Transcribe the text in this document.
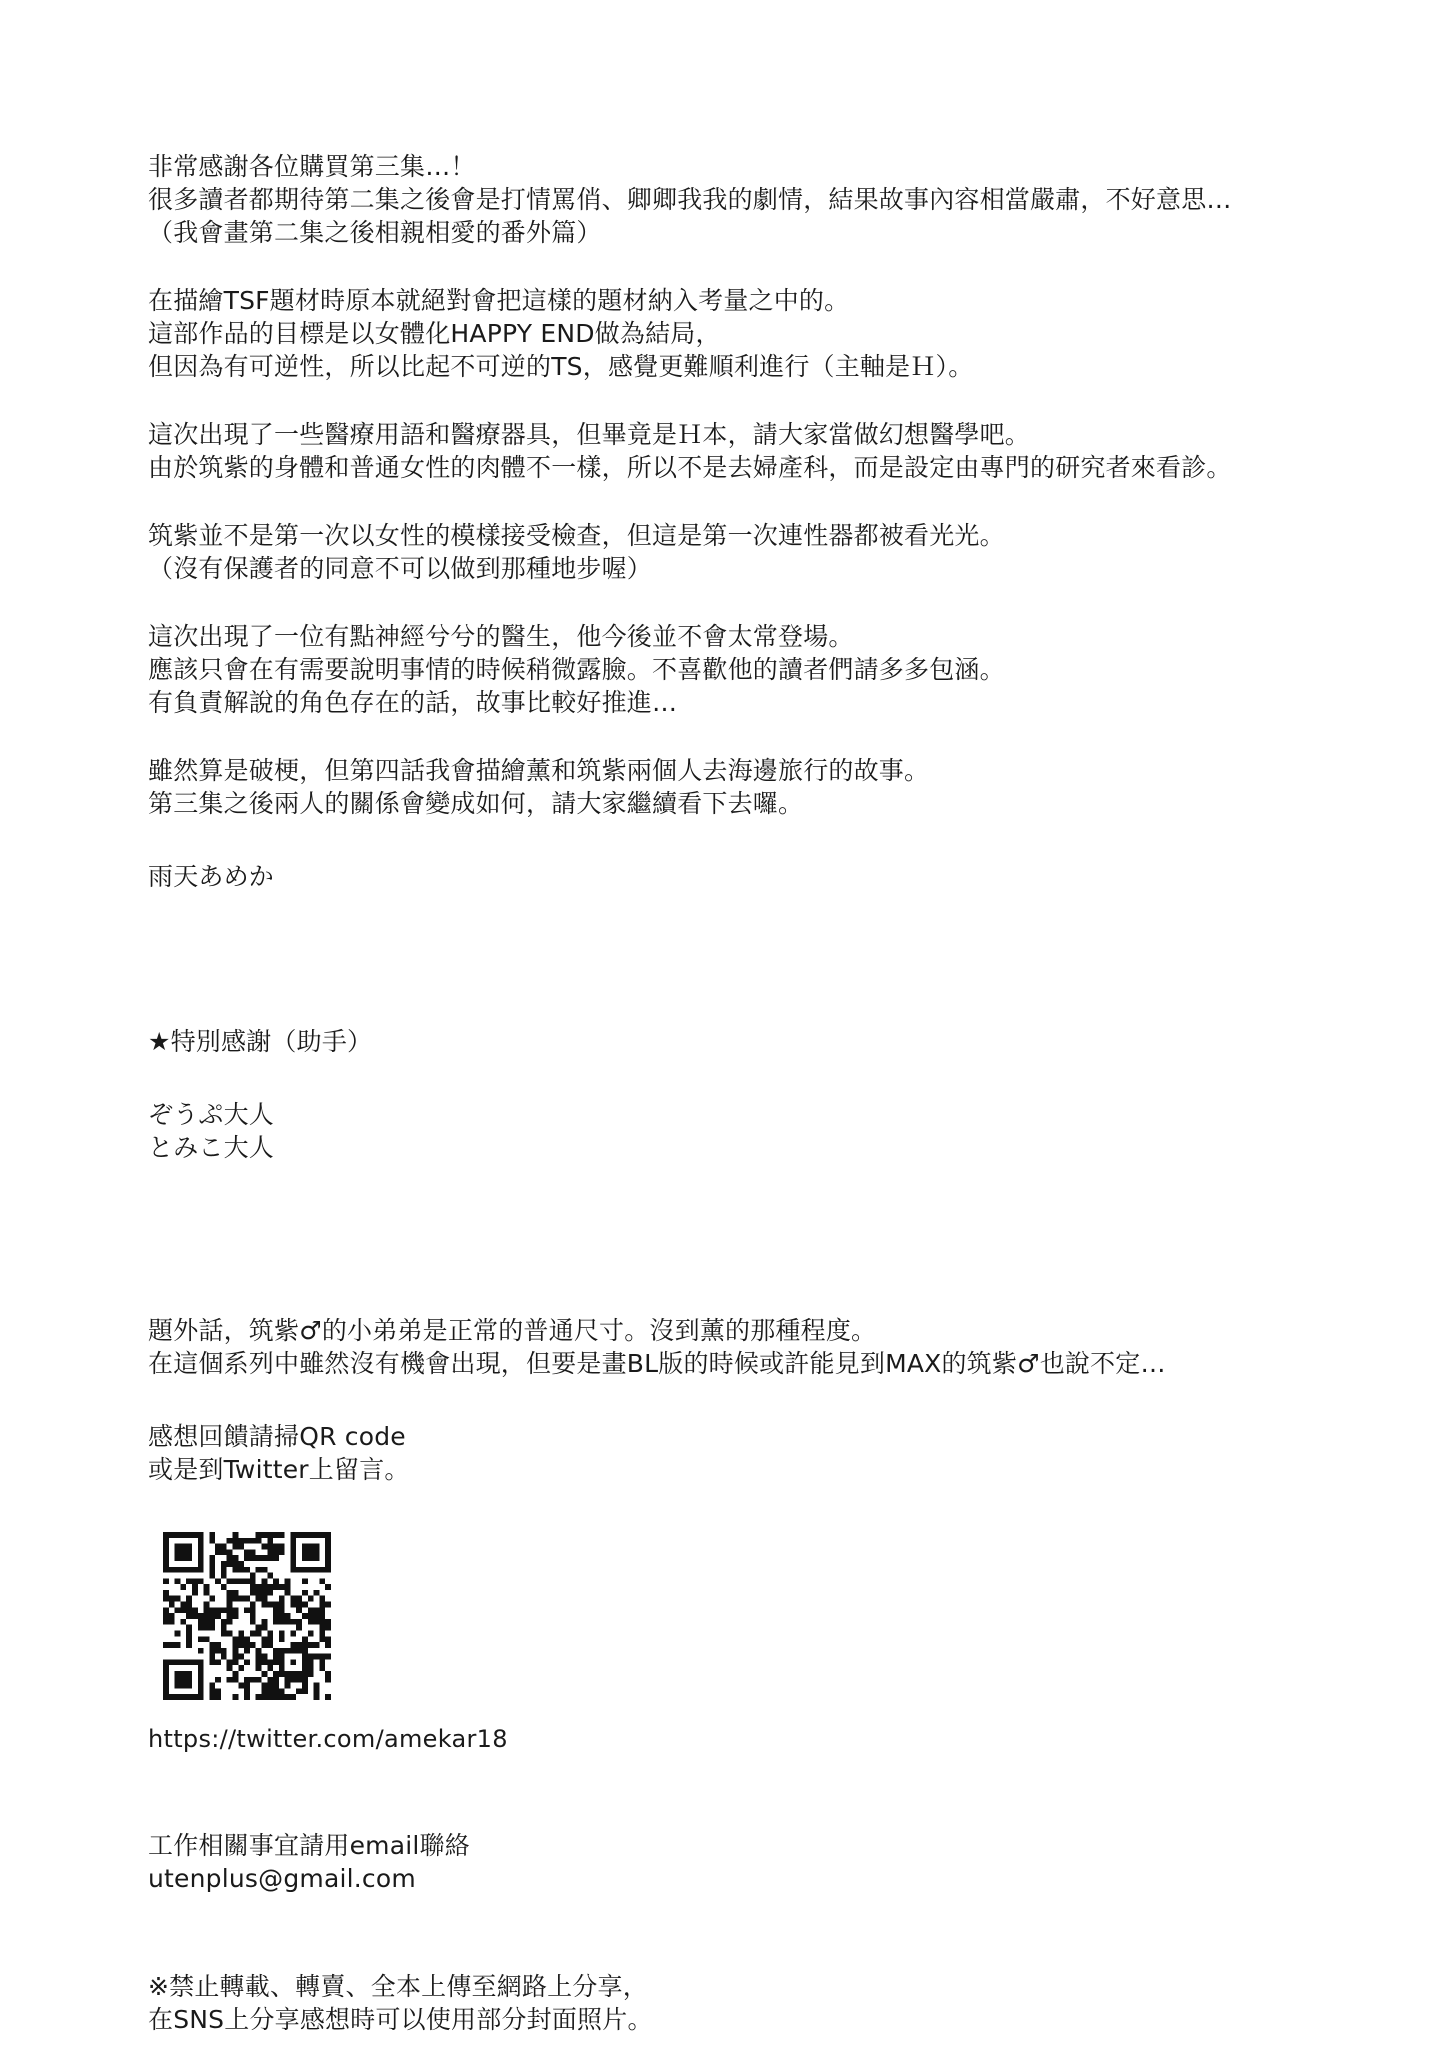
非常感謝各位購買第三集…！
很多讀者都期待第二集之後會是打情罵俏、卿卿我我的劇情，結果故事內容相當嚴肅，不好意思…
（我會畫第二集之後相親相愛的番外篇）
在描繪TSF題材時原本就絕對會把這樣的題材納入考量之中的。
這部作品的目標是以女體化HAPPY END做為結局，
但因為有可逆性，所以比起不可逆的TS，感覺更難順利進行（主軸是Ｈ）。
這次出現了一些醫療用語和醫療器具，但畢竟是Ｈ本，請大家當做幻想醫學吧。
由於筑紫的身體和普通女性的肉體不一樣，所以不是去婦產科，而是設定由專門的研究者來看診。
筑紫並不是第一次以女性的模樣接受檢查，但這是第一次連性器都被看光光。
（沒有保護者的同意不可以做到那種地步喔）
這次出現了一位有點神經兮兮的醫生，他今後並不會太常登場。
應該只會在有需要說明事情的時候稍微露臉。不喜歡他的讀者們請多多包涵。
有負責解說的角色存在的話，故事比較好推進…
雖然算是破梗，但第四話我會描繪薰和筑紫兩個人去海邊旅行的故事。
第三集之後兩人的關係會變成如何，請大家繼續看下去囉。
雨天あめか
★特別感謝（助手）
ぞうぷ大人
とみこ大人
題外話，筑紫♂的小弟弟是正常的普通尺寸。沒到薰的那種程度。
在這個系列中雖然沒有機會出現，但要是畫BL版的時候或許能見到MAX的筑紫♂也說不定…
感想回饋請掃QR code
或是到Twitter上留言。
https://twitter.com/amekar18
工作相關事宜請用email聯絡
utenplus@gmail.com
※禁止轉載、轉賣、全本上傳至網路上分享，
在SNS上分享感想時可以使用部分封面照片。
